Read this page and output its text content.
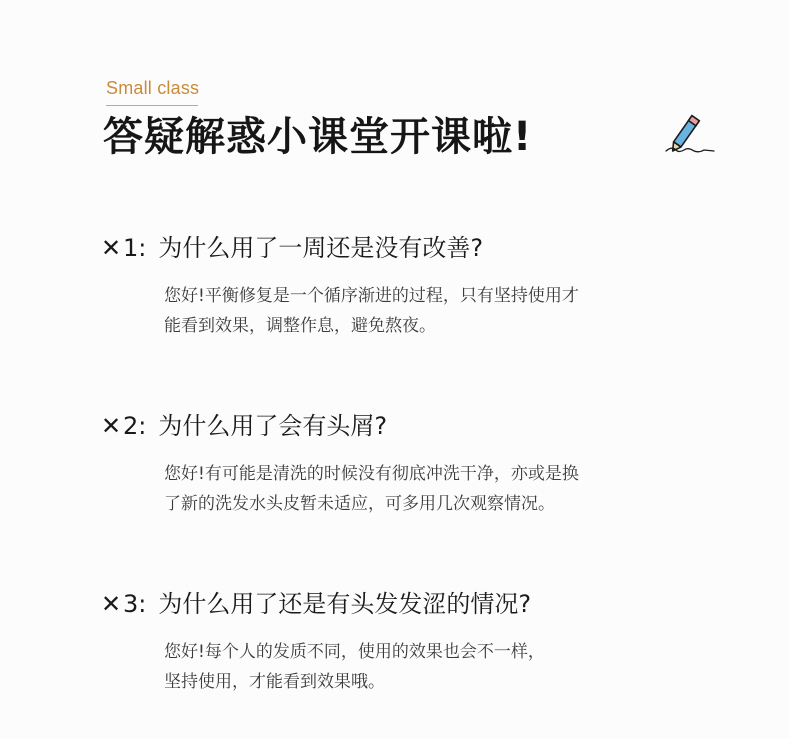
Small class
答疑解惑小课堂开课啦!
✕ 1 : 为什么用了一周还是没有改善?
您好!平衡修复是一个循序渐进的过程，只有坚持使用才
能看到效果，调整作息，避免熬夜。
✕ 2 : 为什么用了会有头屑?
您好!有可能是清洗的时候没有彻底冲洗干净，亦或是换
了新的洗发水头皮暂未适应，可多用几次观察情况。
✕ 3 : 为什么用了还是有头发发涩的情况?
您好!每个人的发质不同，使用的效果也会不一样，
坚持使用，才能看到效果哦。
